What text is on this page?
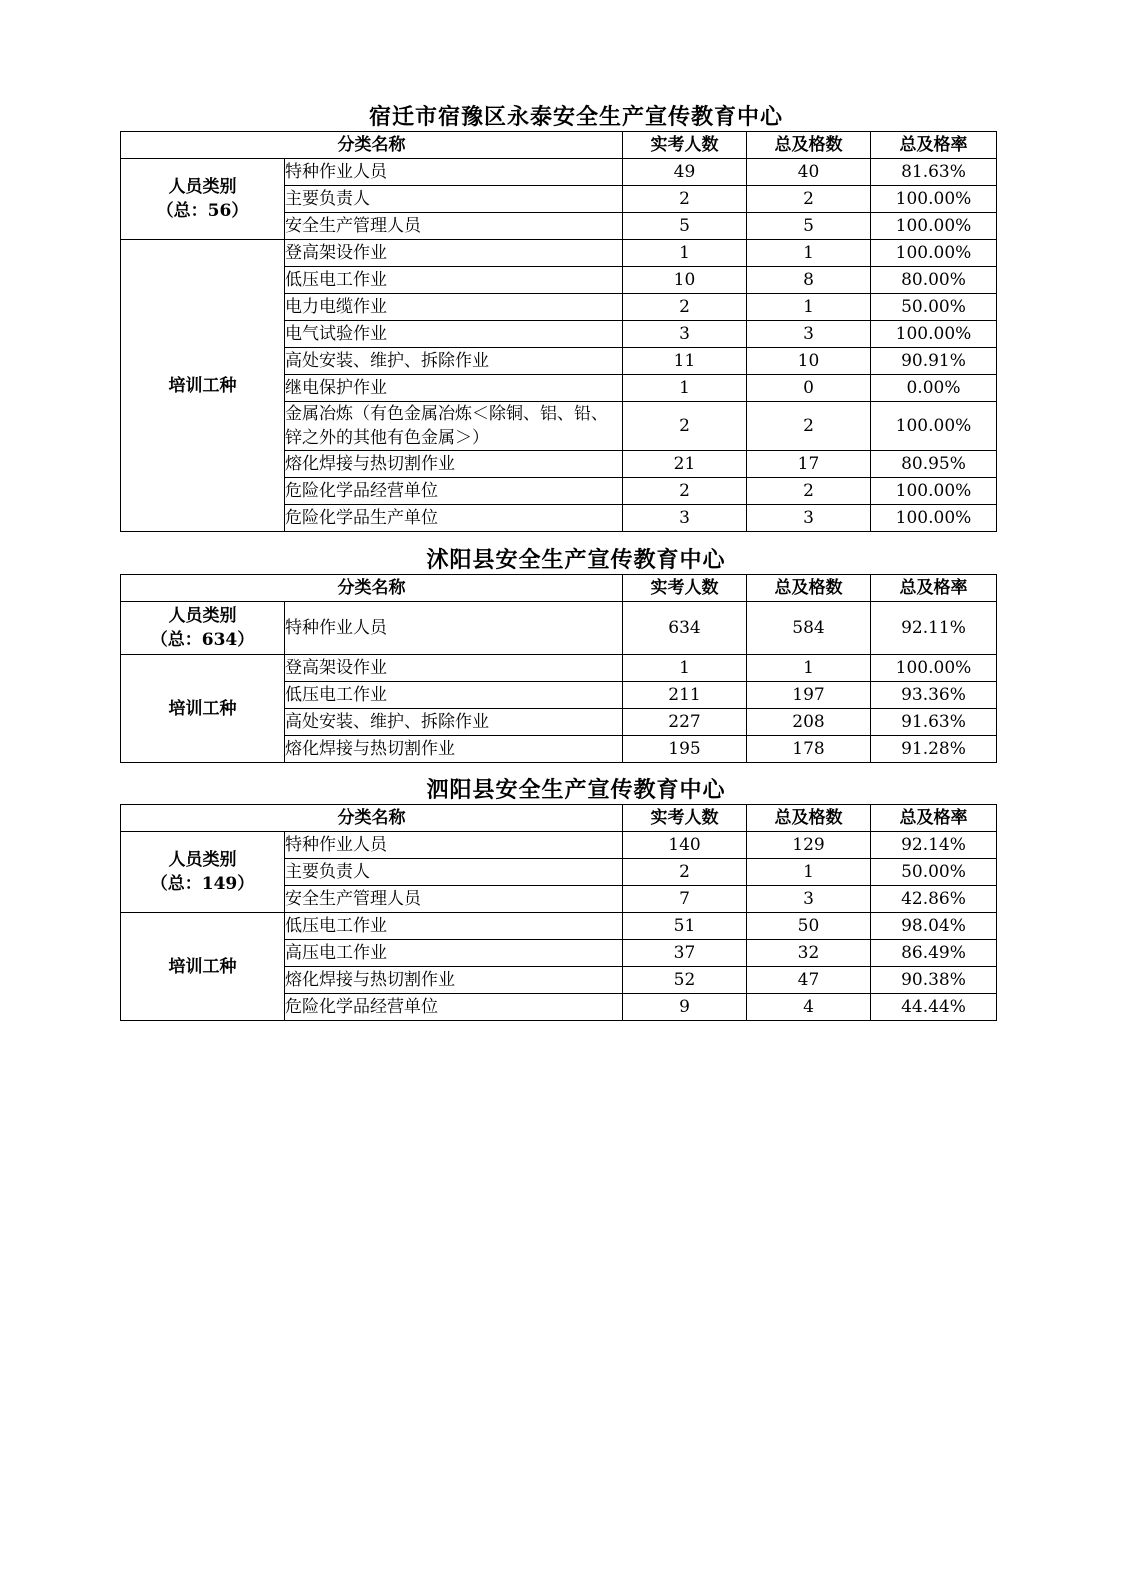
宿迁市宿豫区永泰安全生产宣传教育中心
分类名称		实考人数	总及格数	总及格率

人员类别
（总：56）	特种作业人员	49	40	81.63%
	主要负责人	2	2	100.00%
	安全生产管理人员	5	5	100.00%

培训工种	登高架设作业	1	1	100.00%
	低压电工作业	10	8	80.00%
	电力电缆作业	2	1	50.00%
	电气试验作业	3	3	100.00%
	高处安装、维护、拆除作业	11	10	90.91%
	继电保护作业	1	0	0.00%
	金属冶炼（有色金属冶炼＜除铜、铝、铅、锌之外的其他有色金属＞）	2	2	100.00%
	熔化焊接与热切割作业	21	17	80.95%
	危险化学品经营单位	2	2	100.00%
	危险化学品生产单位	3	3	100.00%
沭阳县安全生产宣传教育中心
分类名称		实考人数	总及格数	总及格率

人员类别
（总：634）	特种作业人员	634	584	92.11%

培训工种	登高架设作业	1	1	100.00%
	低压电工作业	211	197	93.36%
	高处安装、维护、拆除作业	227	208	91.63%
	熔化焊接与热切割作业	195	178	91.28%
泗阳县安全生产宣传教育中心
分类名称		实考人数	总及格数	总及格率

人员类别
（总：149）	特种作业人员	140	129	92.14%
	主要负责人	2	1	50.00%
	安全生产管理人员	7	3	42.86%

培训工种	低压电工作业	51	50	98.04%
	高压电工作业	37	32	86.49%
	熔化焊接与热切割作业	52	47	90.38%
	危险化学品经营单位	9	4	44.44%
